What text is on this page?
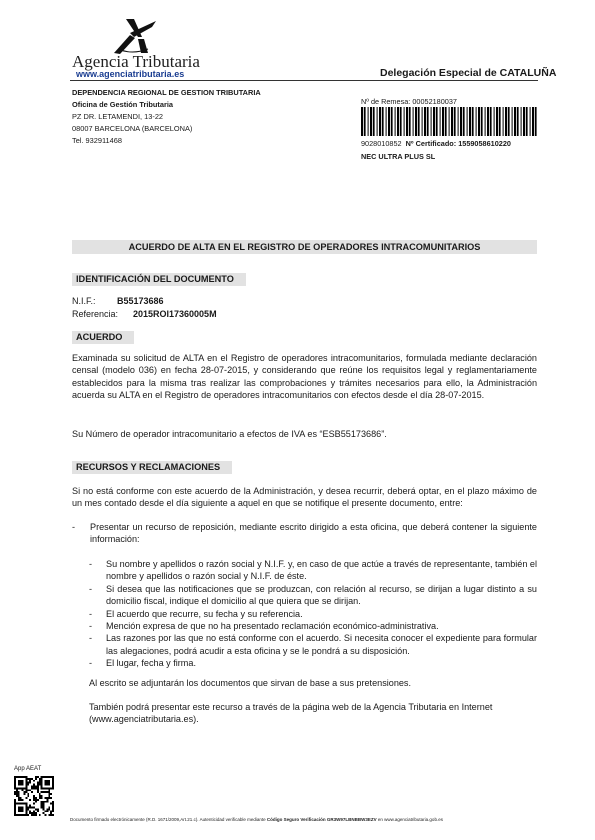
Agencia Tributaria
www.agenciatributaria.es	Delegación Especial de CATALUÑA
DEPENDENCIA REGIONAL DE GESTION TRIBUTARIA
Oficina de Gestión Tributaria
PZ DR. LETAMENDI, 13-22
08007 BARCELONA (BARCELONA)
Tel. 932911468
Nº de Remesa: 00052180037
9028010852 Nº Certificado: 1559058610220
NEC ULTRA PLUS SL
ACUERDO DE ALTA EN EL REGISTRO DE OPERADORES INTRACOMUNITARIOS
IDENTIFICACIÓN DEL DOCUMENTO
N.I.F.: B55173686
Referencia: 2015ROI17360005M
ACUERDO
Examinada su solicitud de ALTA en el Registro de operadores intracomunitarios, formulada mediante declaración censal (modelo 036) en fecha 28-07-2015, y considerando que reúne los requisitos legal y reglamentariamente establecidos para la misma tras realizar las comprobaciones y trámites necesarios para ello, la Administración acuerda su ALTA en el Registro de operadores intracomunitarios con efectos desde el día 28-07-2015.
Su Número de operador intracomunitario a efectos de IVA es “ESB55173686”.
RECURSOS Y RECLAMACIONES
Si no está conforme con este acuerdo de la Administración, y desea recurrir, deberá optar, en el plazo máximo de un mes contado desde el día siguiente a aquel en que se notifique el presente documento, entre:
- Presentar un recurso de reposición, mediante escrito dirigido a esta oficina, que deberá contener la siguiente información:
- Su nombre y apellidos o razón social y N.I.F. y, en caso de que actúe a través de representante, también el nombre y apellidos o razón social y N.I.F. de éste.
- Si desea que las notificaciones que se produzcan, con relación al recurso, se dirijan a lugar distinto a su domicilio fiscal, indique el domicilio al que quiera que se dirijan.
- El acuerdo que recurre, su fecha y su referencia.
- Mención expresa de que no ha presentado reclamación económico-administrativa.
- Las razones por las que no está conforme con el acuerdo. Si necesita conocer el expediente para formular las alegaciones, podrá acudir a esta oficina y se le pondrá a su disposición.
- El lugar, fecha y firma.
Al escrito se adjuntarán los documentos que sirvan de base a sus pretensiones.
También podrá presentar este recurso a través de la página web de la Agencia Tributaria en Internet (www.agenciatributaria.es).
App AEAT
Documento firmado electrónicamente (R.D. 1671/2009,Art.21.c). Autenticidad verificable mediante Código Seguro Verificación GR3W97LBNBBW3EZV en www.agenciatributaria.gob.es
